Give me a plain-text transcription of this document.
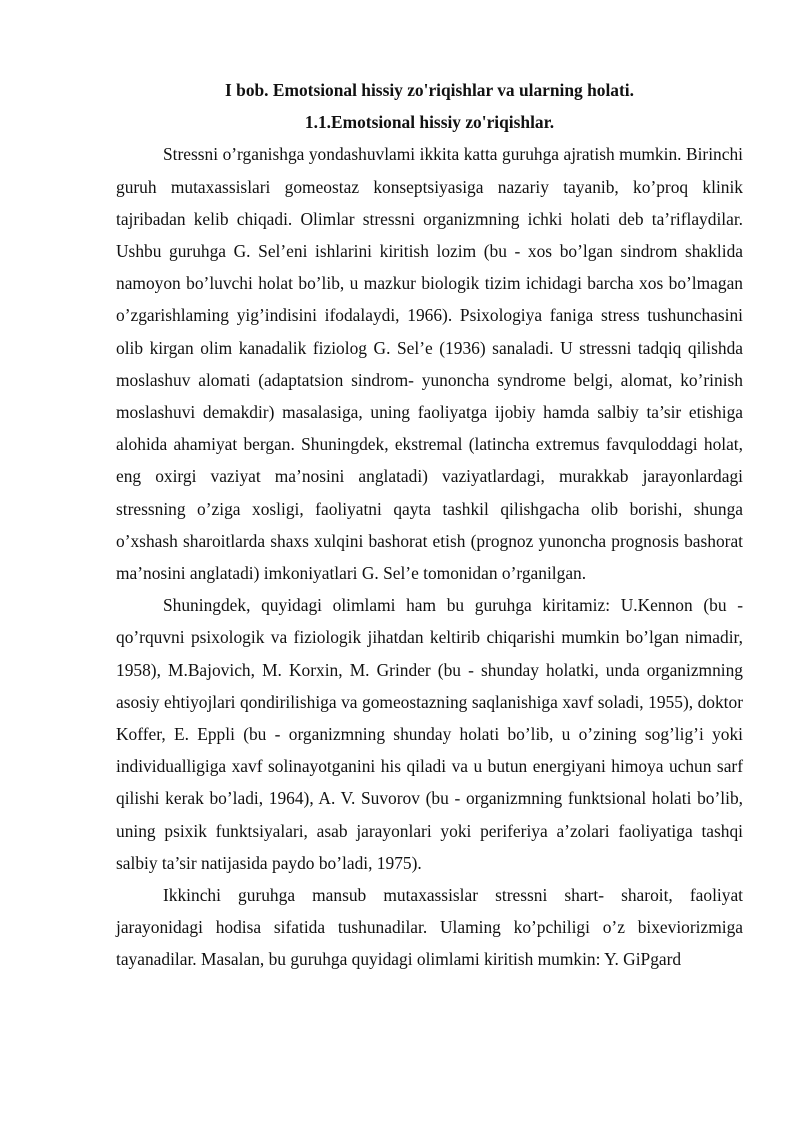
I bob. Emotsional hissiy zo'riqishlar va ularning holati.

1.1.Emotsional hissiy zo'riqishlar.

Stressni o’rganishga yondashuvlami ikkita katta guruhga ajratish mumkin. Birinchi guruh mutaxassislari gomeostaz konseptsiyasiga nazariy tayanib, ko’proq klinik tajribadan kelib chiqadi. Olimlar stressni organizmning ichki holati deb ta’riflaydilar. Ushbu guruhga G. Sel’eni ishlarini kiritish lozim (bu - xos bo’lgan sindrom shaklida namoyon bo’luvchi holat bo’lib, u mazkur biologik tizim ichidagi barcha xos bo’lmagan o’zgarishlaming yig’indisini ifodalaydi, 1966). Psixologiya faniga stress tushunchasini olib kirgan olim kanadalik fiziolog G. Sel’e (1936) sanaladi. U stressni tadqiq qilishda moslashuv alomati (adaptatsion sindrom- yunoncha syndrome belgi, alomat, ko’rinish moslashuvi demakdir) masalasiga, uning faoliyatga ijobiy hamda salbiy ta’sir etishiga alohida ahamiyat bergan. Shuningdek, ekstremal (latincha extremus favquloddagi holat, eng oxirgi vaziyat ma’nosini anglatadi) vaziyatlardagi, murakkab jarayonlardagi stressning o’ziga xosligi, faoliyatni qayta tashkil qilishgacha olib borishi, shunga o’xshash sharoitlarda shaxs xulqini bashorat etish (prognoz yunoncha prognosis bashorat ma’nosini anglatadi) imkoniyatlari G. Sel’e tomonidan o’rganilgan.

Shuningdek, quyidagi olimlami ham bu guruhga kiritamiz: U.Kennon (bu - qo’rquvni psixologik va fiziologik jihatdan keltirib chiqarishi mumkin bo’lgan nimadir, 1958), M.Bajovich, M. Korxin, M. Grinder (bu - shunday holatki, unda organizmning asosiy ehtiyojlari qondirilishiga va gomeostazning saqlanishiga xavf soladi, 1955), doktor Koffer, E. Eppli (bu - organizmning shunday holati bo’lib, u o’zining sog’lig’i yoki individualligiga xavf solinayotganini his qiladi va u butun energiyani himoya uchun sarf qilishi kerak bo’ladi, 1964), A. V. Suvorov (bu - organizmning funktsional holati bo’lib, uning psixik funktsiyalari, asab jarayonlari yoki periferiya a’zolari faoliyatiga tashqi salbiy ta’sir natijasida paydo bo’ladi, 1975).

Ikkinchi guruhga mansub mutaxassislar stressni shart- sharoit, faoliyat jarayonidagi hodisa sifatida tushunadilar. Ulaming ko’pchiligi o’z bixeviorizmiga tayanadilar. Masalan, bu guruhga quyidagi olimlami kiritish mumkin: Y. GiPgard
